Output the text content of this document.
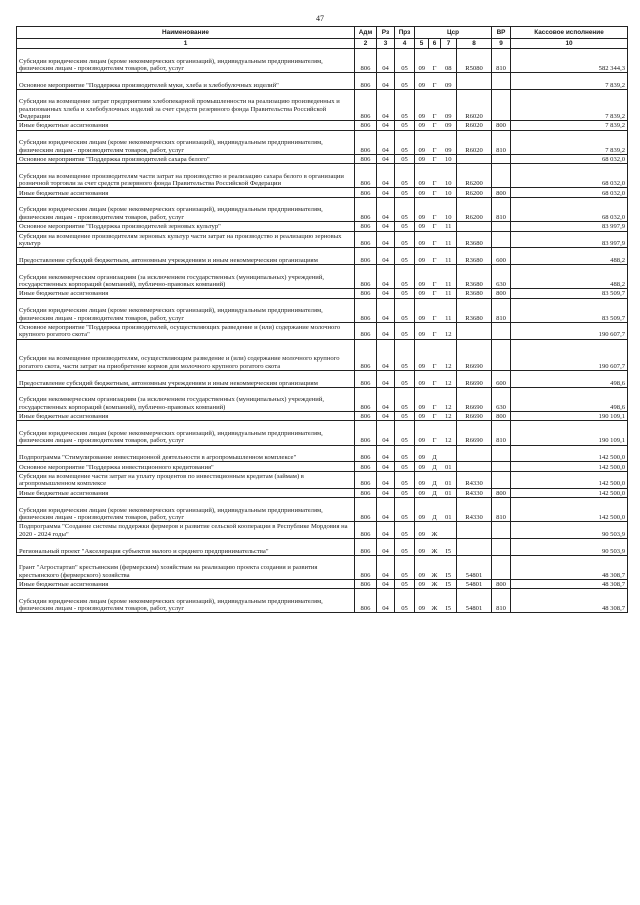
47
Наименование	Адм	Рз	Прз	Цср				ВР	Кассовое исполнение
1	2	3	4	5	6	7	8	9	10
Субсидии юридическим лицам (кроме некоммерческих организаций), индивидуальным предпринимателям, физическим лицам - производителям товаров, работ, услуг	806	04	05	09	Г	08	R5080	810	582 344,3
Основное мероприятие "Поддержка производителей муки, хлеба и хлебобулочных изделий"	806	04	05	09	Г	09			7 839,2
Субсидии на возмещение затрат предприятиям хлебопекарной промышленности на реализацию произведенных и реализованных хлеба и хлебобулочных изделий за счет средств резервного фонда Правительства Российской Федерации	806	04	05	09	Г	09	R6020		7 839,2
Иные бюджетные ассигнования	806	04	05	09	Г	09	R6020	800	7 839,2
Субсидии юридическим лицам (кроме некоммерческих организаций), индивидуальным предпринимателям, физическим лицам - производителям товаров, работ, услуг	806	04	05	09	Г	09	R6020	810	7 839,2
Основное мероприятие "Поддержка производителей сахара белого"	806	04	05	09	Г	10			68 032,0
Субсидии на возмещение производителям части затрат на производство и реализацию сахара белого в организации розничной торговли за счет средств резервного фонда Правительства Российской Федерации	806	04	05	09	Г	10	R6200		68 032,0
Иные бюджетные ассигнования	806	04	05	09	Г	10	R6200	800	68 032,0
Субсидии юридическим лицам (кроме некоммерческих организаций), индивидуальным предпринимателям, физическим лицам - производителям товаров, работ, услуг	806	04	05	09	Г	10	R6200	810	68 032,0
Основное мероприятие "Поддержка производителей зерновых культур"	806	04	05	09	Г	11			83 997,9
Субсидии на возмещение производителям зерновых культур части затрат на производство и реализацию зерновых культур	806	04	05	09	Г	11	R3680		83 997,9
Предоставление субсидий бюджетным, автономным учреждениям и иным некоммерческим организациям	806	04	05	09	Г	11	R3680	600	488,2
Субсидии некоммерческим организациям (за исключением государственных (муниципальных) учреждений, государственных корпораций (компаний), публично-правовых компаний)	806	04	05	09	Г	11	R3680	630	488,2
Иные бюджетные ассигнования	806	04	05	09	Г	11	R3680	800	83 509,7
Субсидии юридическим лицам (кроме некоммерческих организаций), индивидуальным предпринимателям, физическим лицам - производителям товаров, работ, услуг	806	04	05	09	Г	11	R3680	810	83 509,7
Основное мероприятие "Поддержка производителей, осуществляющих разведение и (или) содержание молочного крупного рогатого скота"	806	04	05	09	Г	12			190 607,7
Субсидии на возмещение производителям, осуществляющим разведение и (или) содержание молочного крупного рогатого скота, части затрат на приобретение кормов для молочного крупного рогатого скота	806	04	05	09	Г	12	R6690		190 607,7
Предоставление субсидий бюджетным, автономным учреждениям и иным некоммерческим организациям	806	04	05	09	Г	12	R6690	600	498,6
Субсидии некоммерческим организациям (за исключением государственных (муниципальных) учреждений, государственных корпораций (компаний), публично-правовых компаний)	806	04	05	09	Г	12	R6690	630	498,6
Иные бюджетные ассигнования	806	04	05	09	Г	12	R6690	800	190 109,1
Субсидии юридическим лицам (кроме некоммерческих организаций), индивидуальным предпринимателям, физическим лицам - производителям товаров, работ, услуг	806	04	05	09	Г	12	R6690	810	190 109,1
Подпрограмма "Стимулирование инвестиционной деятельности в агропромышленном комплексе"	806	04	05	09	Д				142 500,0
Основное мероприятие "Поддержка инвестиционного кредитования"	806	04	05	09	Д	01			142 500,0
Субсидии на возмещение части затрат на уплату процентов по инвестиционным кредитам (займам) в агропромышленном комплексе	806	04	05	09	Д	01	R4330		142 500,0
Иные бюджетные ассигнования	806	04	05	09	Д	01	R4330	800	142 500,0
Субсидии юридическим лицам (кроме некоммерческих организаций), индивидуальным предпринимателям, физическим лицам - производителям товаров, работ, услуг	806	04	05	09	Д	01	R4330	810	142 500,0
Подпрограмма "Создание системы поддержки фермеров и развитие сельской кооперации в Республике Мордовия на 2020 - 2024 годы"	806	04	05	09	Ж				90 503,9
Региональный проект "Акселерация субъектов малого и среднего предпринимательства"	806	04	05	09	Ж	I5			90 503,9
Грант "Агростартап" крестьянским (фермерским) хозяйствам на реализацию проекта создания и развития крестьянского (фермерского) хозяйства	806	04	05	09	Ж	I5	54801		48 308,7
Иные бюджетные ассигнования	806	04	05	09	Ж	I5	54801	800	48 308,7
Субсидии юридическим лицам (кроме некоммерческих организаций), индивидуальным предпринимателям, физическим лицам - производителям товаров, работ, услуг	806	04	05	09	Ж	I5	54801	810	48 308,7
